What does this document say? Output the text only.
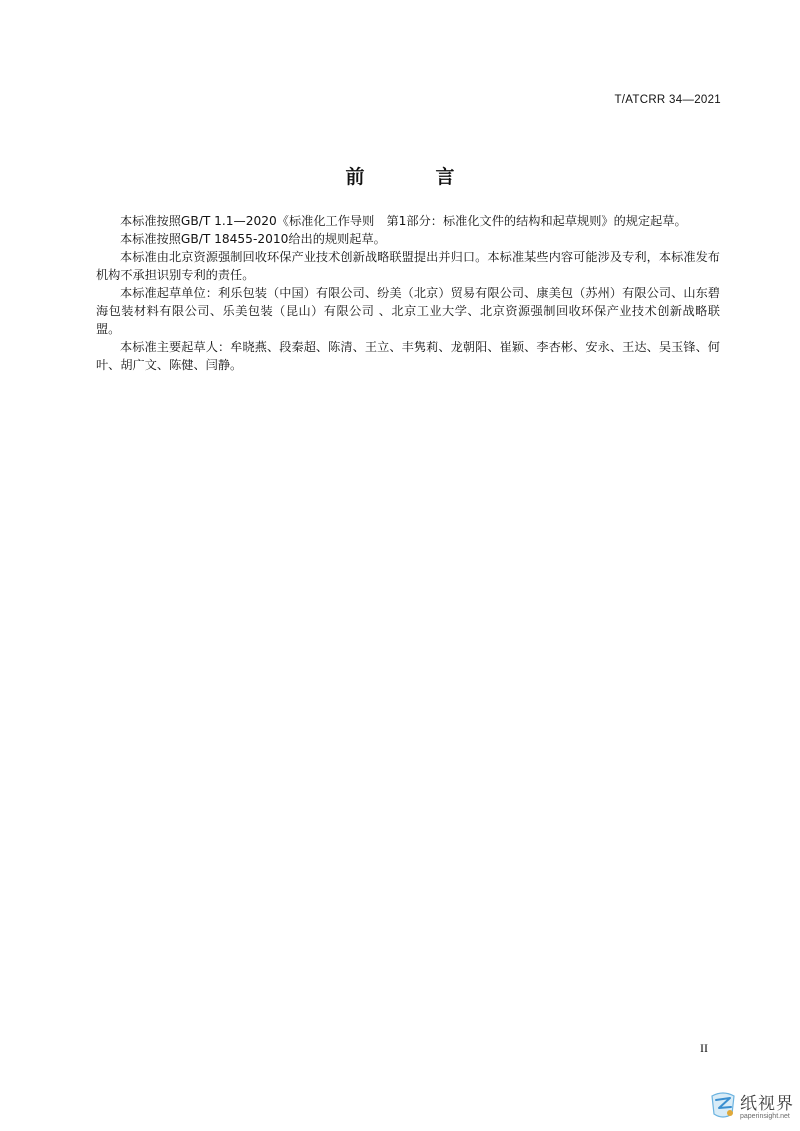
T/ATCRR 34—2021
前　言

本标准按照GB/T 1.1—2020《标准化工作导则　第1部分：标准化文件的结构和起草规则》的规定起草。

本标准按照GB/T 18455-2010给出的规则起草。

本标准由北京资源强制回收环保产业技术创新战略联盟提出并归口。本标准某些内容可能涉及专利，本标准发布机构不承担识别专利的责任。

本标准起草单位：利乐包装（中国）有限公司、纷美（北京）贸易有限公司、康美包（苏州）有限公司、山东碧海包装材料有限公司、乐美包装（昆山）有限公司 、北京工业大学、北京资源强制回收环保产业技术创新战略联盟。

本标准主要起草人：牟晓燕、段秦超、陈清、王立、丰隽莉、龙朝阳、崔颖、李杏彬、安永、王达、吴玉锋、何叶、胡广文、陈健、闫静。

II
纸视界
paperinsight.net
